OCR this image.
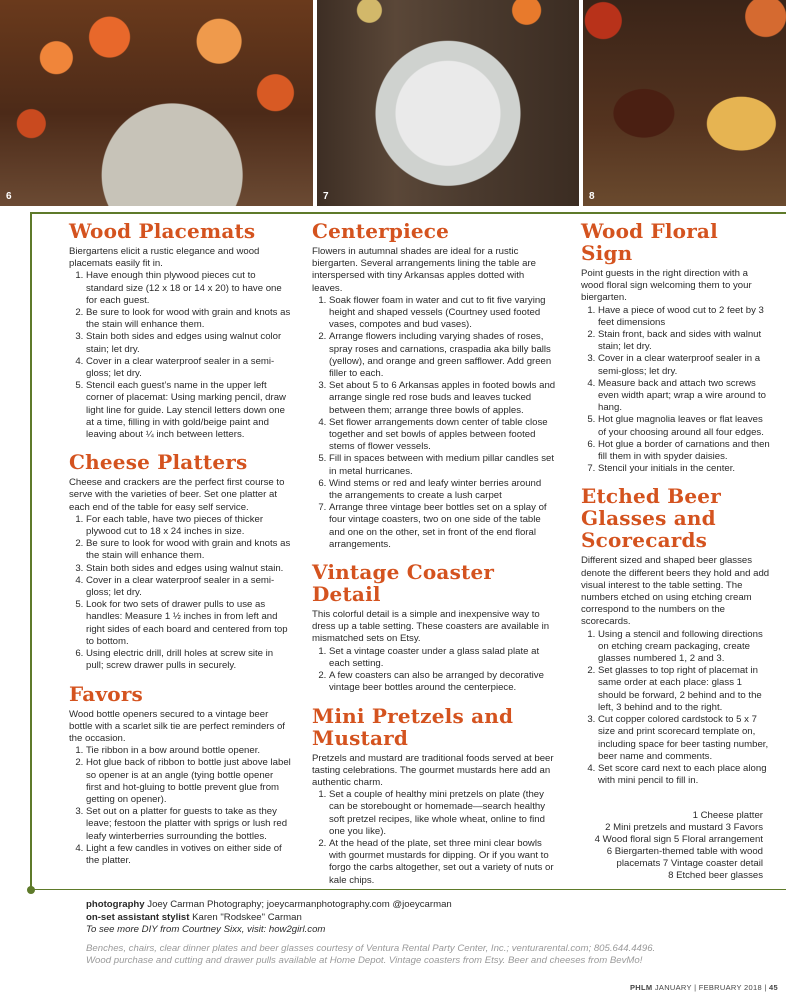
6	7	8
Wood Placemats

Biergartens elicit a rustic elegance and wood placemats easily fit in.

1. Have enough thin plywood pieces cut to standard size (12 x 18 or 14 x 20) to have one for each guest.
2. Be sure to look for wood with grain and knots as the stain will enhance them.
3. Stain both sides and edges using walnut color stain; let dry.
4. Cover in a clear waterproof sealer in a semi-gloss; let dry.
5. Stencil each guest’s name in the upper left corner of placemat: Using marking pencil, draw light line for guide. Lay stencil letters down one at a time, filling in with gold/beige paint and leaving about ¼ inch between letters.
Cheese Platters

Cheese and crackers are the perfect first course to serve with the varieties of beer. Set one platter at each end of the table for easy self service.

1. For each table, have two pieces of thicker plywood cut to 18 x 24 inches in size.
2. Be sure to look for wood with grain and knots as the stain will enhance them.
3. Stain both sides and edges using walnut stain.
4. Cover in a clear waterproof sealer in a semi-gloss; let dry.
5. Look for two sets of drawer pulls to use as handles: Measure 1 ½ inches in from left and right sides of each board and centered from top to bottom.
6. Using electric drill, drill holes at screw site in pull; screw drawer pulls in securely.
Favors

Wood bottle openers secured to a vintage beer bottle with a scarlet silk tie are perfect reminders of the occasion.

1. Tie ribbon in a bow around bottle opener.
2. Hot glue back of ribbon to bottle just above label so opener is at an angle (tying bottle opener first and hot-gluing to bottle prevent glue from getting on opener).
3. Set out on a platter for guests to take as they leave; festoon the platter with sprigs or lush red leafy winterberries surrounding the bottles.
4. Light a few candles in votives on either side of the platter.
Centerpiece

Flowers in autumnal shades are ideal for a rustic biergarten. Several arrangements lining the table are interspersed with tiny Arkansas apples dotted with leaves.

1. Soak flower foam in water and cut to fit five varying height and shaped vessels (Courtney used footed vases, compotes and bud vases).
2. Arrange flowers including varying shades of roses, spray roses and carnations, craspadia aka billy balls (yellow), and orange and green safflower. Add green filler to each.
3. Set about 5 to 6 Arkansas apples in footed bowls and arrange single red rose buds and leaves tucked between them; arrange three bowls of apples.
4. Set flower arrangements down center of table close together and set bowls of apples between footed stems of flower vessels.
5. Fill in spaces between with medium pillar candles set in metal hurricanes.
6. Wind stems or red and leafy winter berries around the arrangements to create a lush carpet
7. Arrange three vintage beer bottles set on a splay of four vintage coasters, two on one side of the table and one on the other, set in front of the end floral arrangements.
Vintage Coaster Detail

This colorful detail is a simple and inexpensive way to dress up a table setting. These coasters are available in mismatched sets on Etsy.

1. Set a vintage coaster under a glass salad plate at each setting.
2. A few coasters can also be arranged by decorative vintage beer bottles around the centerpiece.
Mini Pretzels and Mustard

Pretzels and mustard are traditional foods served at beer tasting celebrations. The gourmet mustards here add an authentic charm.

1. Set a couple of healthy mini pretzels on plate (they can be storebought or homemade—search healthy soft pretzel recipes, like whole wheat, online to find one you like).
2. At the head of the plate, set three mini clear bowls with gourmet mustards for dipping. Or if you want to forgo the carbs altogether, set out a variety of nuts or kale chips.
Wood Floral Sign

Point guests in the right direction with a wood floral sign welcoming them to your biergarten.

1. Have a piece of wood cut to 2 feet by 3 feet dimensions
2. Stain front, back and sides with walnut stain; let dry.
3. Cover in a clear waterproof sealer in a semi-gloss; let dry.
4. Measure back and attach two screws even width apart; wrap a wire around to hang.
5. Hot glue magnolia leaves or flat leaves of your choosing around all four edges.
6. Hot glue a border of carnations and then fill them in with spyder daisies.
7. Stencil your initials in the center.
Etched Beer Glasses and Scorecards

Different sized and shaped beer glasses denote the different beers they hold and add visual interest to the table setting. The numbers etched on using etching cream correspond to the numbers on the scorecards.

1. Using a stencil and following directions on etching cream packaging, create glasses numbered 1, 2 and 3.
2. Set glasses to top right of placemat in same order at each place: glass 1 should be forward, 2 behind and to the left, 3 behind and to the right.
3. Cut copper colored cardstock to 5 x 7 size and print scorecard template on, including space for beer tasting number, beer name and comments.
4. Set score card next to each place along with mini pencil to fill in.
1 Cheese platter
2 Mini pretzels and mustard 3 Favors
4 Wood floral sign 5 Floral arrangement
6 Biergarten-themed table with wood
placemats 7 Vintage coaster detail
8 Etched beer glasses
photography Joey Carman Photography; joeycarmanphotography.com @joeycarman
on-set assistant stylist Karen "Rodskee" Carman
To see more DIY from Courtney Sixx, visit: how2girl.com
Benches, chairs, clear dinner plates and beer glasses courtesy of Ventura Rental Party Center, Inc.; venturarental.com; 805.644.4496.
Wood purchase and cutting and drawer pulls available at Home Depot. Vintage coasters from Etsy. Beer and cheeses from BevMo!
PHLM JANUARY | FEBRUARY 2018 | 45
